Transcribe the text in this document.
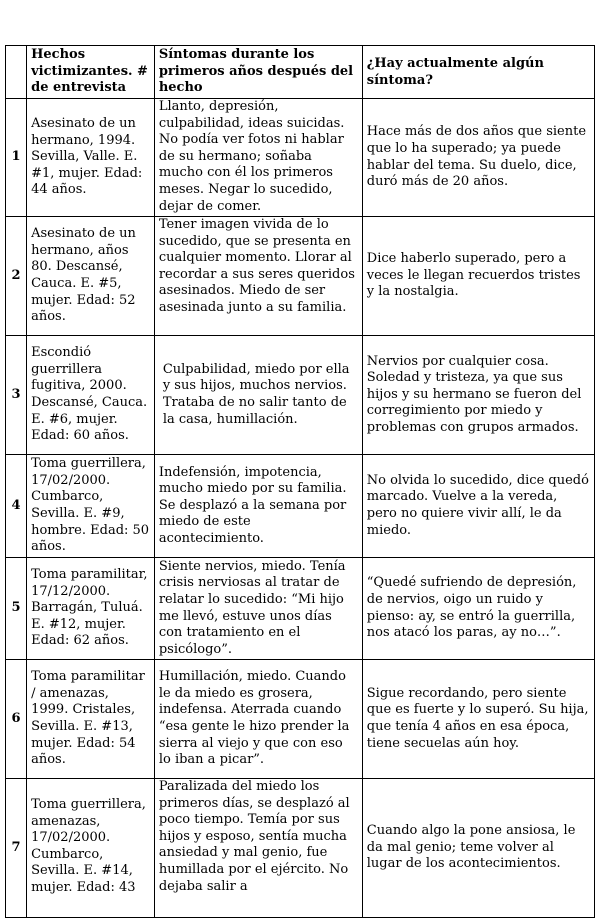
	Hechos victimizantes. # de entrevista	Síntomas durante los primeros años después del hecho	¿Hay actualmente algún síntoma?
1	Asesinato de un hermano, 1994. Sevilla, Valle. E. #1, mujer. Edad: 44 años.	Llanto, depresión, culpabilidad, ideas suicidas. No podía ver fotos ni hablar de su hermano; soñaba mucho con él los primeros meses. Negar lo sucedido, dejar de comer.	Hace más de dos años que siente que lo ha superado; ya puede hablar del tema. Su duelo, dice, duró más de 20 años.
2	Asesinato de un hermano, años 80. Descansé, Cauca. E. #5, mujer. Edad: 52 años.	Tener imagen vivida de lo sucedido, que se presenta en cualquier momento. Llorar al recordar a sus seres queridos asesinados. Miedo de ser asesinada junto a su familia.	Dice haberlo superado, pero a veces le llegan recuerdos tristes y la nostalgia.
3	Escondió guerrillera fugitiva, 2000. Descansé, Cauca. E. #6, mujer. Edad: 60 años.	Culpabilidad, miedo por ella y sus hijos, muchos nervios. Trataba de no salir tanto de la casa, humillación.	Nervios por cualquier cosa. Soledad y tristeza, ya que sus hijos y su hermano se fueron del corregimiento por miedo y problemas con grupos armados.
4	Toma guerrillera, 17/02/2000. Cumbarco, Sevilla. E. #9, hombre. Edad: 50 años.	Indefensión, impotencia, mucho miedo por su familia. Se desplazó a la semana por miedo de este acontecimiento.	No olvida lo sucedido, dice quedó marcado. Vuelve a la vereda, pero no quiere vivir allí, le da miedo.
5	Toma paramilitar, 17/12/2000. Barragán, Tuluá. E. #12, mujer. Edad: 62 años.	Siente nervios, miedo. Tenía crisis nerviosas al tratar de relatar lo sucedido: “Mi hijo me llevó, estuve unos días con tratamiento en el psicólogo”.	“Quedé sufriendo de depresión, de nervios, oigo un ruido y pienso: ay, se entró la guerrilla, nos atacó los paras, ay no…”.
6	Toma paramilitar / amenazas, 1999. Cristales, Sevilla. E. #13, mujer. Edad: 54 años.	Humillación, miedo. Cuando le da miedo es grosera, indefensa. Aterrada cuando “esa gente le hizo prender la sierra al viejo y que con eso lo iban a picar”.	Sigue recordando, pero siente que es fuerte y lo superó. Su hija, que tenía 4 años en esa época, tiene secuelas aún hoy.
7	Toma guerrillera, amenazas, 17/02/2000. Cumbarco, Sevilla. E. #14, mujer. Edad: 43	Paralizada del miedo los primeros días, se desplazó al poco tiempo. Temía por sus hijos y esposo, sentía mucha ansiedad y mal genio, fue humillada por el ejército. No dejaba salir a	Cuando algo la pone ansiosa, le da mal genio; teme volver al lugar de los acontecimientos.
